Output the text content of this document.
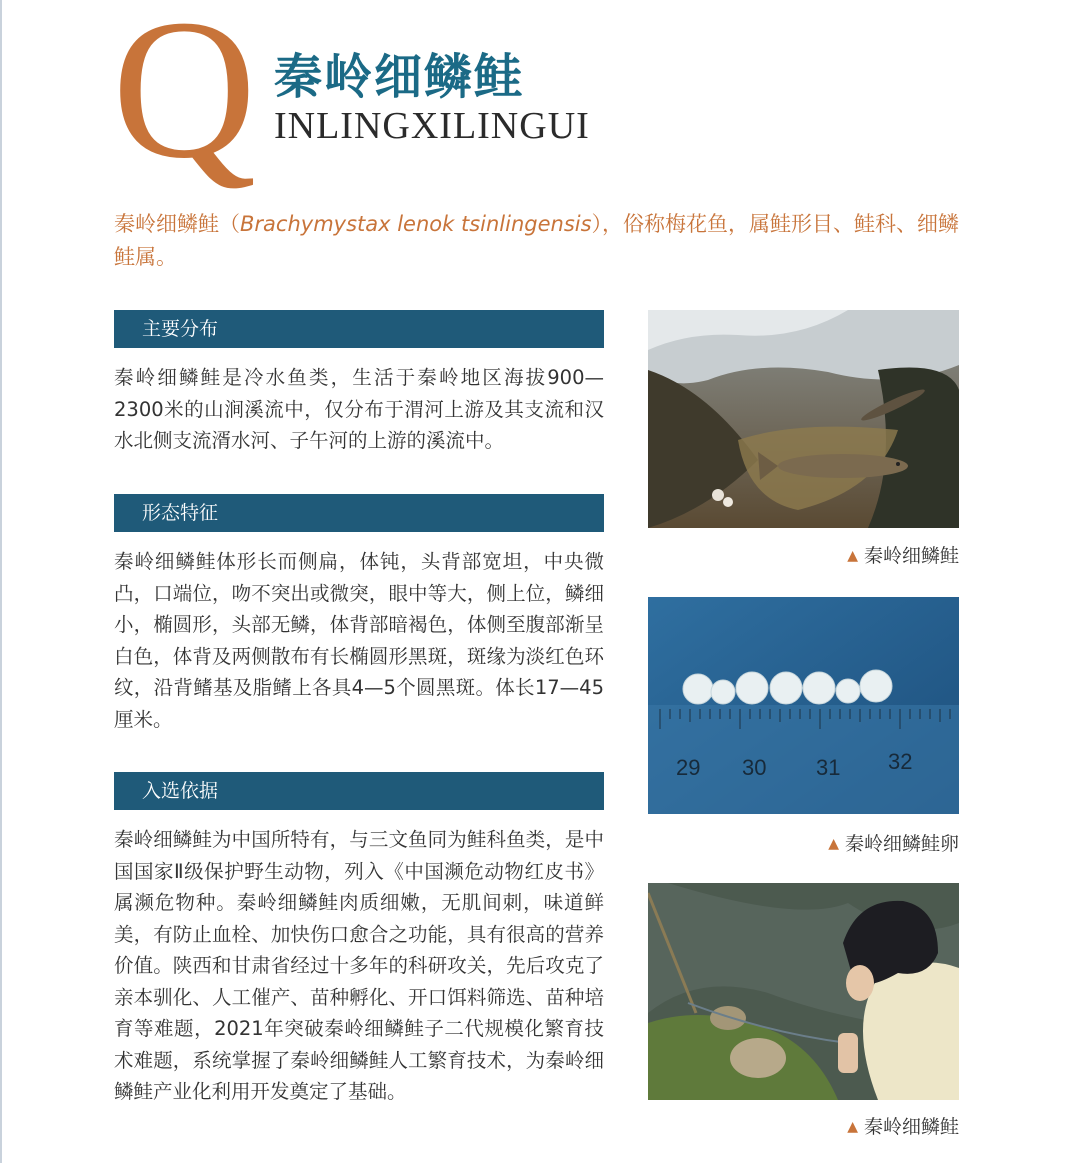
Q 秦岭细鳞鲑
INLINGXILINGUI
秦岭细鳞鲑（Brachymystax lenok tsinlingensis），俗称梅花鱼，属鲑形目、鲑科、细鳞鲑属。
主要分布
秦岭细鳞鲑是冷水鱼类，生活于秦岭地区海拔900—2300米的山涧溪流中，仅分布于渭河上游及其支流和汉水北侧支流湑水河、子午河的上游的溪流中。
形态特征
秦岭细鳞鲑体形长而侧扁，体钝，头背部宽坦，中央微凸，口端位，吻不突出或微突，眼中等大，侧上位，鳞细小，椭圆形，头部无鳞，体背部暗褐色，体侧至腹部渐呈白色，体背及两侧散布有长椭圆形黑斑，斑缘为淡红色环纹，沿背鳍基及脂鳍上各具4—5个圆黑斑。体长17—45厘米。
入选依据
秦岭细鳞鲑为中国所特有，与三文鱼同为鲑科鱼类，是中国国家Ⅱ级保护野生动物，列入《中国濒危动物红皮书》属濒危物种。秦岭细鳞鲑肉质细嫩，无肌间刺，味道鲜美，有防止血栓、加快伤口愈合之功能，具有很高的营养价值。陕西和甘肃省经过十多年的科研攻关，先后攻克了亲本驯化、人工催产、苗种孵化、开口饵料筛选、苗种培育等难题，2021年突破秦岭细鳞鲑子二代规模化繁育技术难题，系统掌握了秦岭细鳞鲑人工繁育技术，为秦岭细鳞鲑产业化利用开发奠定了基础。
▲ 秦岭细鳞鲑
29 30 31 32
▲ 秦岭细鳞鲑卵
▲ 秦岭细鳞鲑
